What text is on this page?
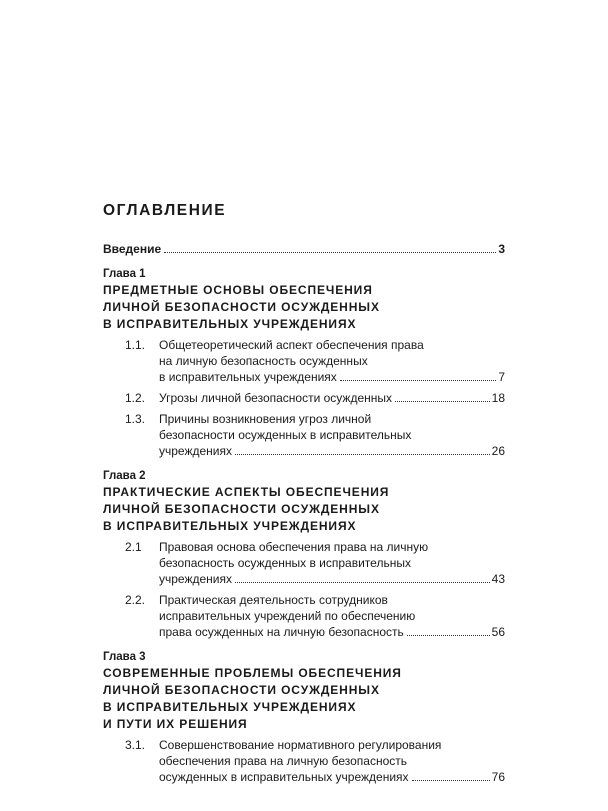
ОГЛАВЛЕНИЕ
Введение	3
Глава 1
ПРЕДМЕТНЫЕ ОСНОВЫ ОБЕСПЕЧЕНИЯ
ЛИЧНОЙ БЕЗОПАСНОСТИ ОСУЖДЕННЫХ
В ИСПРАВИТЕЛЬНЫХ УЧРЕЖДЕНИЯХ
1.1. Общетеоретический аспект обеспечения права
на личную безопасность осужденных
в исправительных учреждениях	7
1.2. Угрозы личной безопасности осужденных	18
1.3. Причины возникновения угроз личной
безопасности осужденных в исправительных
учреждениях	26
Глава 2
ПРАКТИЧЕСКИЕ АСПЕКТЫ ОБЕСПЕЧЕНИЯ
ЛИЧНОЙ БЕЗОПАСНОСТИ ОСУЖДЕННЫХ
В ИСПРАВИТЕЛЬНЫХ УЧРЕЖДЕНИЯХ
2.1 Правовая основа обеспечения права на личную
безопасность осужденных в исправительных
учреждениях	43
2.2. Практическая деятельность сотрудников
исправительных учреждений по обеспечению
права осужденных на личную безопасность	56
Глава 3
СОВРЕМЕННЫЕ ПРОБЛЕМЫ ОБЕСПЕЧЕНИЯ
ЛИЧНОЙ БЕЗОПАСНОСТИ ОСУЖДЕННЫХ
В ИСПРАВИТЕЛЬНЫХ УЧРЕЖДЕНИЯХ
И ПУТИ ИХ РЕШЕНИЯ
3.1. Совершенствование нормативного регулирования
обеспечения права на личную безопасность
осужденных в исправительных учреждениях	76
